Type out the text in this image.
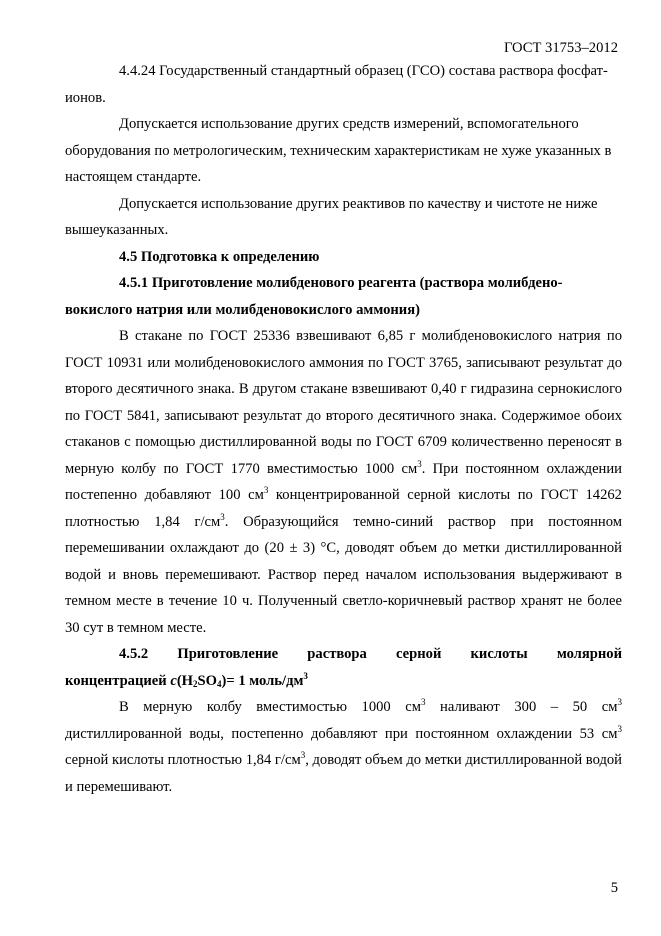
ГОСТ 31753–2012

4.4.24 Государственный стандартный образец (ГСО) состава раствора фосфат-ионов.

Допускается использование других средств измерений, вспомогательного оборудования по метрологическим, техническим характеристикам не хуже указанных в настоящем стандарте.

Допускается использование других реактивов по качеству и чистоте не ниже вышеуказанных.

4.5 Подготовка к определению

4.5.1 Приготовление молибденового реагента (раствора молибдено-вокислого натрия или молибденовокислого аммония)

В стакане по ГОСТ 25336 взвешивают 6,85 г молибденовокислого натрия по ГОСТ 10931 или молибденовокислого аммония по ГОСТ 3765, записывают результат до второго десятичного знака. В другом стакане взвешивают 0,40 г гидразина сернокислого по ГОСТ 5841, записывают результат до второго десятичного знака. Содержимое обоих стаканов с помощью дистиллированной воды по ГОСТ 6709 количественно переносят в мерную колбу по ГОСТ 1770 вместимостью 1000 $см^3$. При постоянном охлаждении постепенно добавляют 100 $см^3$ концентрированной серной кислоты по ГОСТ 14262 плотностью 1,84 $г/см^3$. Образующийся темно-синий раствор при постоянном перемешивании охлаждают до (20 ± 3) °С, доводят объем до метки дистиллированной водой и вновь перемешивают. Раствор перед началом использования выдерживают в темном месте в течение 10 ч. Полученный светло-коричневый раствор хранят не более 30 сут в темном месте.

4.5.2 Приготовление раствора серной кислоты молярной

концентрацией $c(H_2SO_4)= 1$ моль/$дм^3$

В мерную колбу вместимостью 1000 $см^3$ наливают 300 – 50 $см^3$ дистиллированной воды, постепенно добавляют при постоянном охлаждении 53 $см^3$ серной кислоты плотностью 1,84 $г/см^3$, доводят объем до метки дистиллированной водой и перемешивают.

5
